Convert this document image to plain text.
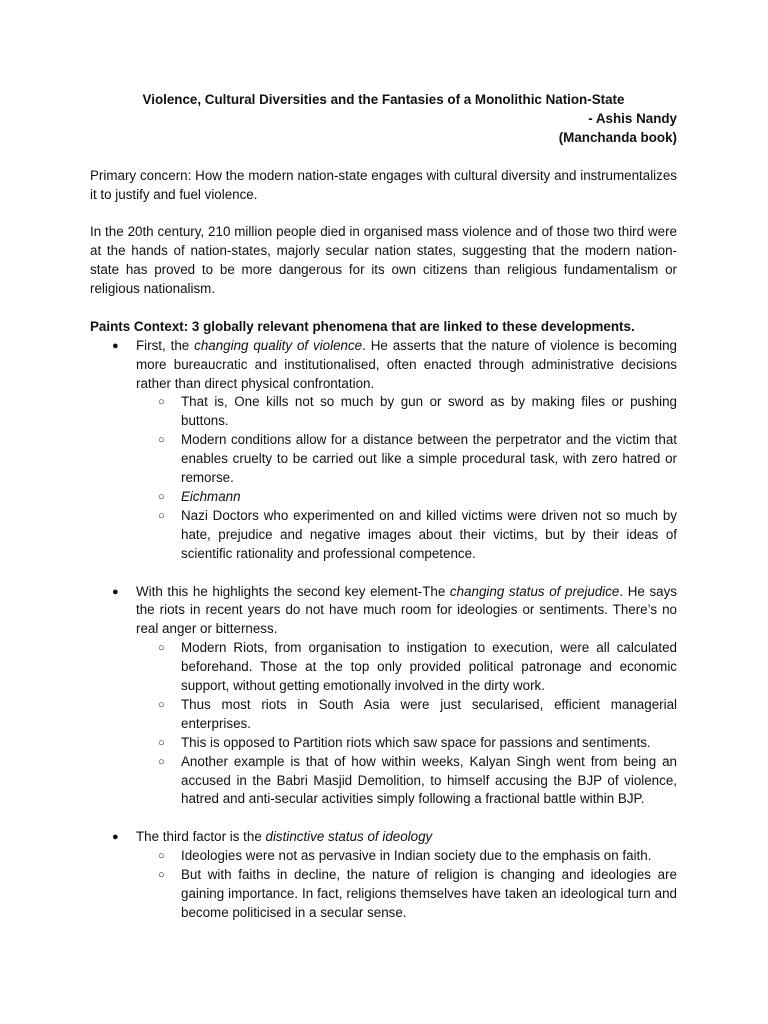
Violence, Cultural Diversities and the Fantasies of a Monolithic Nation-State

- Ashis Nandy

(Manchanda book)

Primary concern: How the modern nation-state engages with cultural diversity and instrumentalizes it to justify and fuel violence.

In the 20th century, 210 million people died in organised mass violence and of those two third were at the hands of nation-states, majorly secular nation states, suggesting that the modern nation-state has proved to be more dangerous for its own citizens than religious fundamentalism or religious nationalism.

Paints Context: 3 globally relevant phenomena that are linked to these developments.

● First, the changing quality of violence. He asserts that the nature of violence is becoming more bureaucratic and institutionalised, often enacted through administrative decisions rather than direct physical confrontation.
○ That is, One kills not so much by gun or sword as by making files or pushing buttons.
○ Modern conditions allow for a distance between the perpetrator and the victim that enables cruelty to be carried out like a simple procedural task, with zero hatred or remorse.
○ Eichmann
○ Nazi Doctors who experimented on and killed victims were driven not so much by hate, prejudice and negative images about their victims, but by their ideas of scientific rationality and professional competence.
● With this he highlights the second key element-The changing status of prejudice. He says the riots in recent years do not have much room for ideologies or sentiments. There’s no real anger or bitterness.
○ Modern Riots, from organisation to instigation to execution, were all calculated beforehand. Those at the top only provided political patronage and economic support, without getting emotionally involved in the dirty work.
○ Thus most riots in South Asia were just secularised, efficient managerial enterprises.
○ This is opposed to Partition riots which saw space for passions and sentiments.
○ Another example is that of how within weeks, Kalyan Singh went from being an accused in the Babri Masjid Demolition, to himself accusing the BJP of violence, hatred and anti-secular activities simply following a fractional battle within BJP.
● The third factor is the distinctive status of ideology
○ Ideologies were not as pervasive in Indian society due to the emphasis on faith.
○ But with faiths in decline, the nature of religion is changing and ideologies are gaining importance. In fact, religions themselves have taken an ideological turn and become politicised in a secular sense.
